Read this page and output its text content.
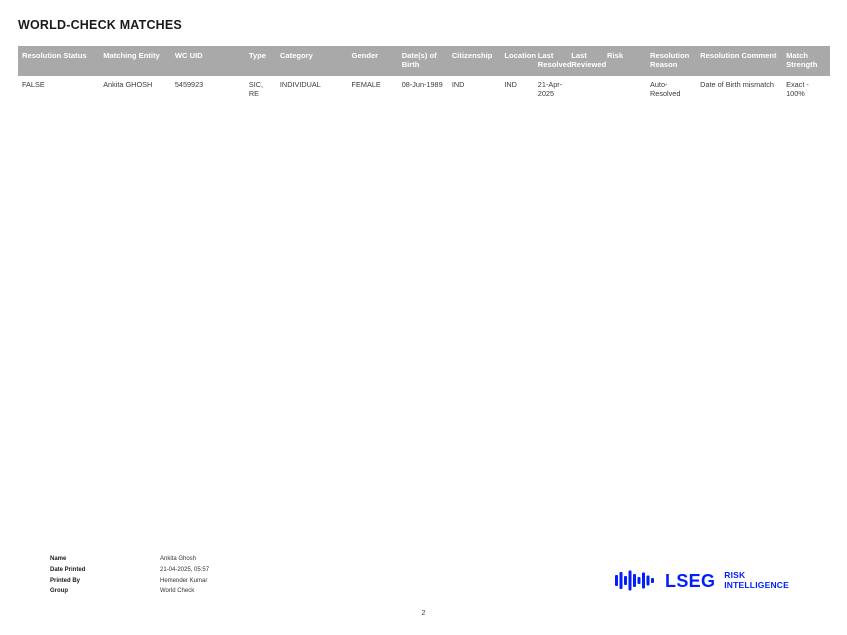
WORLD-CHECK MATCHES
Resolution Status	Matching Entity	WC UID	Type	Category	Gender	Date(s) of Birth	Citizenship	Location	Last Resolved	Last Reviewed	Risk	Resolution Reason	Resolution Comment	Match Strength
FALSE	Ankita GHOSH	5459923	SIC, RE	INDIVIDUAL	FEMALE	08-Jun-1989	IND	IND	21-Apr-2025			Auto-Resolved	Date of Birth mismatch	Exact - 100%
Name	Ankita Ghosh
Date Printed	21-04-2025, 05:57
Printed By	Hemender Kumar
Group	World Check
LSEG RISK
INTELLIGENCE
2
